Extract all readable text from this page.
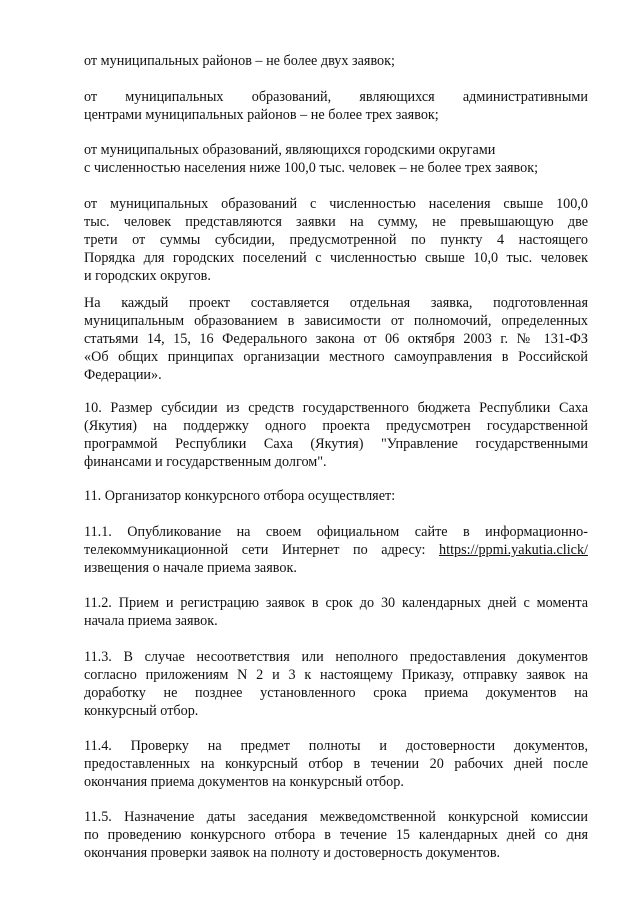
от муниципальных районов – не более двух заявок;

от муниципальных образований, являющихся административными
центрами муниципальных районов – не более трех заявок;

от муниципальных образований, являющихся городскими округами
с численностью населения ниже 100,0 тыс. человек – не более трех заявок;

от муниципальных образований с численностью населения свыше 100,0
тыс. человек представляются заявки на сумму, не превышающую две
трети от суммы субсидии, предусмотренной по пункту 4 настоящего
Порядка для городских поселений с численностью свыше 10,0 тыс. человек
и городских округов.

На каждый проект составляется отдельная заявка, подготовленная
муниципальным образованием в зависимости от полномочий, определенных
статьями 14, 15, 16 Федерального закона от 06 октября 2003 г. № 131-ФЗ
«Об общих принципах организации местного самоуправления в Российской
Федерации».

10. Размер субсидии из средств государственного бюджета Республики Саха
(Якутия) на поддержку одного проекта предусмотрен государственной
программой Республики Саха (Якутия) "Управление государственными
финансами и государственным долгом".

11. Организатор конкурсного отбора осуществляет:

11.1. Опубликование на своем официальном сайте в информационно-
телекоммуникационной сети Интернет по адресу: https://ppmi.yakutia.click/
извещения о начале приема заявок.

11.2. Прием и регистрацию заявок в срок до 30 календарных дней с момента
начала приема заявок.

11.3. В случае несоответствия или неполного предоставления документов
согласно приложениям N 2 и 3 к настоящему Приказу, отправку заявок на
доработку не позднее установленного срока приема документов на
конкурсный отбор.

11.4. Проверку на предмет полноты и достоверности документов,
предоставленных на конкурсный отбор в течении 20 рабочих дней после
окончания приема документов на конкурсный отбор.

11.5. Назначение даты заседания межведомственной конкурсной комиссии
по проведению конкурсного отбора в течение 15 календарных дней со дня
окончания проверки заявок на полноту и достоверность документов.
